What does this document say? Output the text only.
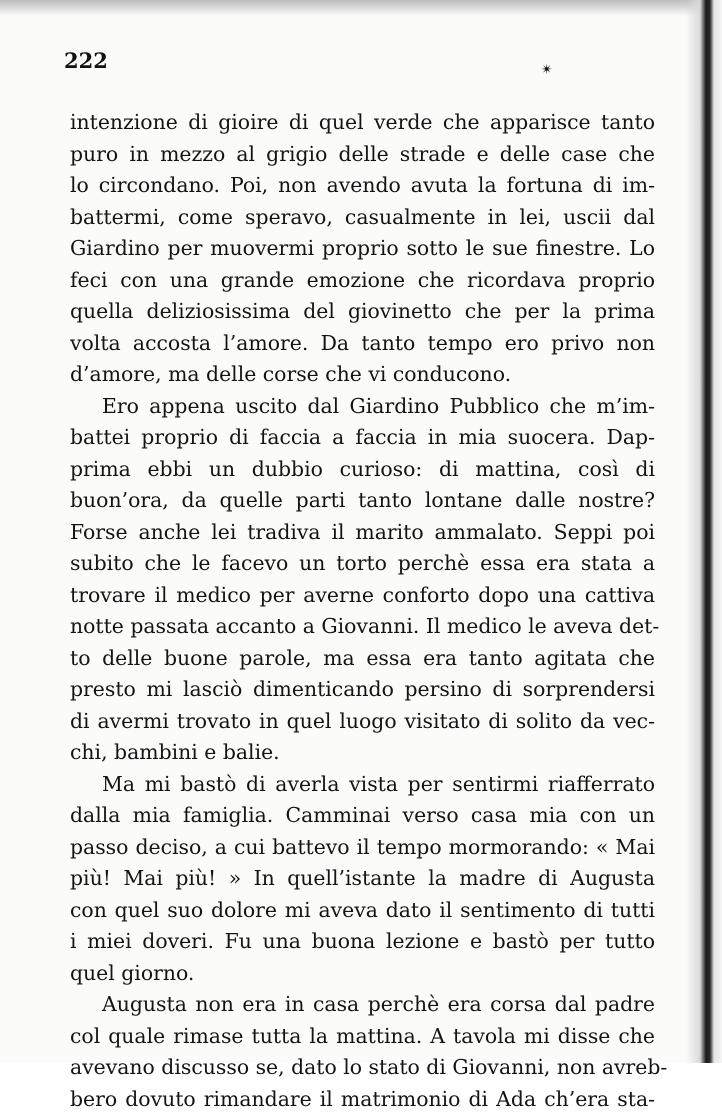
222	✴
intenzione di gioire di quel verde che apparisce tanto
puro in mezzo al grigio delle strade e delle case che
lo circondano. Poi, non avendo avuta la fortuna di im-
battermi, come speravo, casualmente in lei, uscii dal
Giardino per muovermi proprio sotto le sue finestre. Lo
feci con una grande emozione che ricordava proprio
quella deliziosissima del giovinetto che per la prima
volta accosta l’amore. Da tanto tempo ero privo non
d’amore, ma delle corse che vi conducono.
Ero appena uscito dal Giardino Pubblico che m’im-
battei proprio di faccia a faccia in mia suocera. Dap-
prima ebbi un dubbio curioso: di mattina, così di
buon’ora, da quelle parti tanto lontane dalle nostre?
Forse anche lei tradiva il marito ammalato. Seppi poi
subito che le facevo un torto perchè essa era stata a
trovare il medico per averne conforto dopo una cattiva
notte passata accanto a Giovanni. Il medico le aveva det-
to delle buone parole, ma essa era tanto agitata che
presto mi lasciò dimenticando persino di sorprendersi
di avermi trovato in quel luogo visitato di solito da vec-
chi, bambini e balie.
Ma mi bastò di averla vista per sentirmi riafferrato
dalla mia famiglia. Camminai verso casa mia con un
passo deciso, a cui battevo il tempo mormorando: « Mai
più! Mai più! » In quell’istante la madre di Augusta
con quel suo dolore mi aveva dato il sentimento di tutti
i miei doveri. Fu una buona lezione e bastò per tutto
quel giorno.
Augusta non era in casa perchè era corsa dal padre
col quale rimase tutta la mattina. A tavola mi disse che
avevano discusso se, dato lo stato di Giovanni, non avreb-
bero dovuto rimandare il matrimonio di Ada ch’era sta-
